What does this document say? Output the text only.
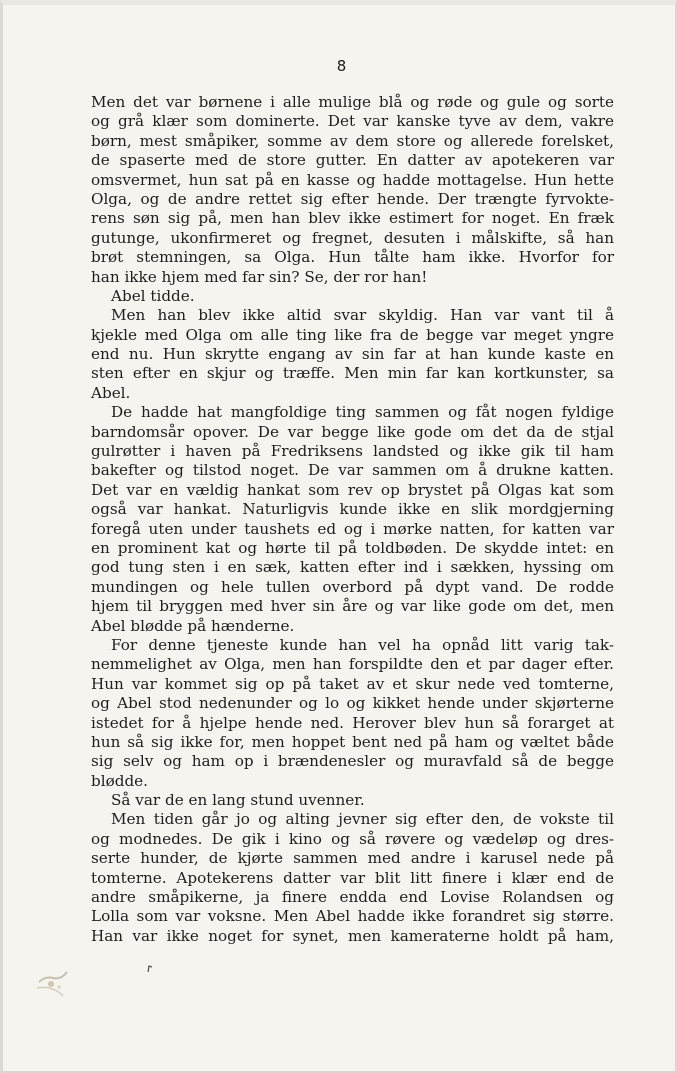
8
Men det var børnene i alle mulige blå og røde og gule og sorte
og grå klær som dominerte. Det var kanske tyve av dem, vakre
børn, mest småpiker, somme av dem store og allerede forelsket,
de spaserte med de store gutter. En datter av apotekeren var
omsvermet, hun sat på en kasse og hadde mottagelse. Hun hette
Olga, og de andre rettet sig efter hende. Der trængte fyrvokte-
rens søn sig på, men han blev ikke estimert for noget. En fræk
gutunge, ukonfirmeret og fregnet, desuten i målskifte, så han
brøt stemningen, sa Olga. Hun tålte ham ikke. Hvorfor for
han ikke hjem med far sin? Se, der ror han!
Abel tidde.
Men han blev ikke altid svar skyldig. Han var vant til å
kjekle med Olga om alle ting like fra de begge var meget yngre
end nu. Hun skrytte engang av sin far at han kunde kaste en
sten efter en skjur og træffe. Men min far kan kortkunster, sa
Abel.
De hadde hat mangfoldige ting sammen og fåt nogen fyldige
barndomsår opover. De var begge like gode om det da de stjal
gulrøtter i haven på Fredriksens landsted og ikke gik til ham
bakefter og tilstod noget. De var sammen om å drukne katten.
Det var en vældig hankat som rev op brystet på Olgas kat som
også var hankat. Naturligvis kunde ikke en slik mordgjerning
foregå uten under taushets ed og i mørke natten, for katten var
en prominent kat og hørte til på toldbøden. De skydde intet: en
god tung sten i en sæk, katten efter ind i sækken, hyssing om
mundingen og hele tullen overbord på dypt vand. De rodde
hjem til bryggen med hver sin åre og var like gode om det, men
Abel blødde på hænderne.
For denne tjeneste kunde han vel ha opnåd litt varig tak-
nemmelighet av Olga, men han forspildte den et par dager efter.
Hun var kommet sig op på taket av et skur nede ved tomterne,
og Abel stod nedenunder og lo og kikket hende under skjørterne
istedet for å hjelpe hende ned. Herover blev hun så forarget at
hun så sig ikke for, men hoppet bent ned på ham og væltet både
sig selv og ham op i brændenesler og muravfald så de begge
blødde.
Så var de en lang stund uvenner.
Men tiden går jo og alting jevner sig efter den, de vokste til
og modnedes. De gik i kino og så røvere og vædeløp og dres-
serte hunder, de kjørte sammen med andre i karusel nede på
tomterne. Apotekerens datter var blit litt finere i klær end de
andre småpikerne, ja finere endda end Lovise Rolandsen og
Lolla som var voksne. Men Abel hadde ikke forandret sig større.
Han var ikke noget for synet, men kameraterne holdt på ham,
